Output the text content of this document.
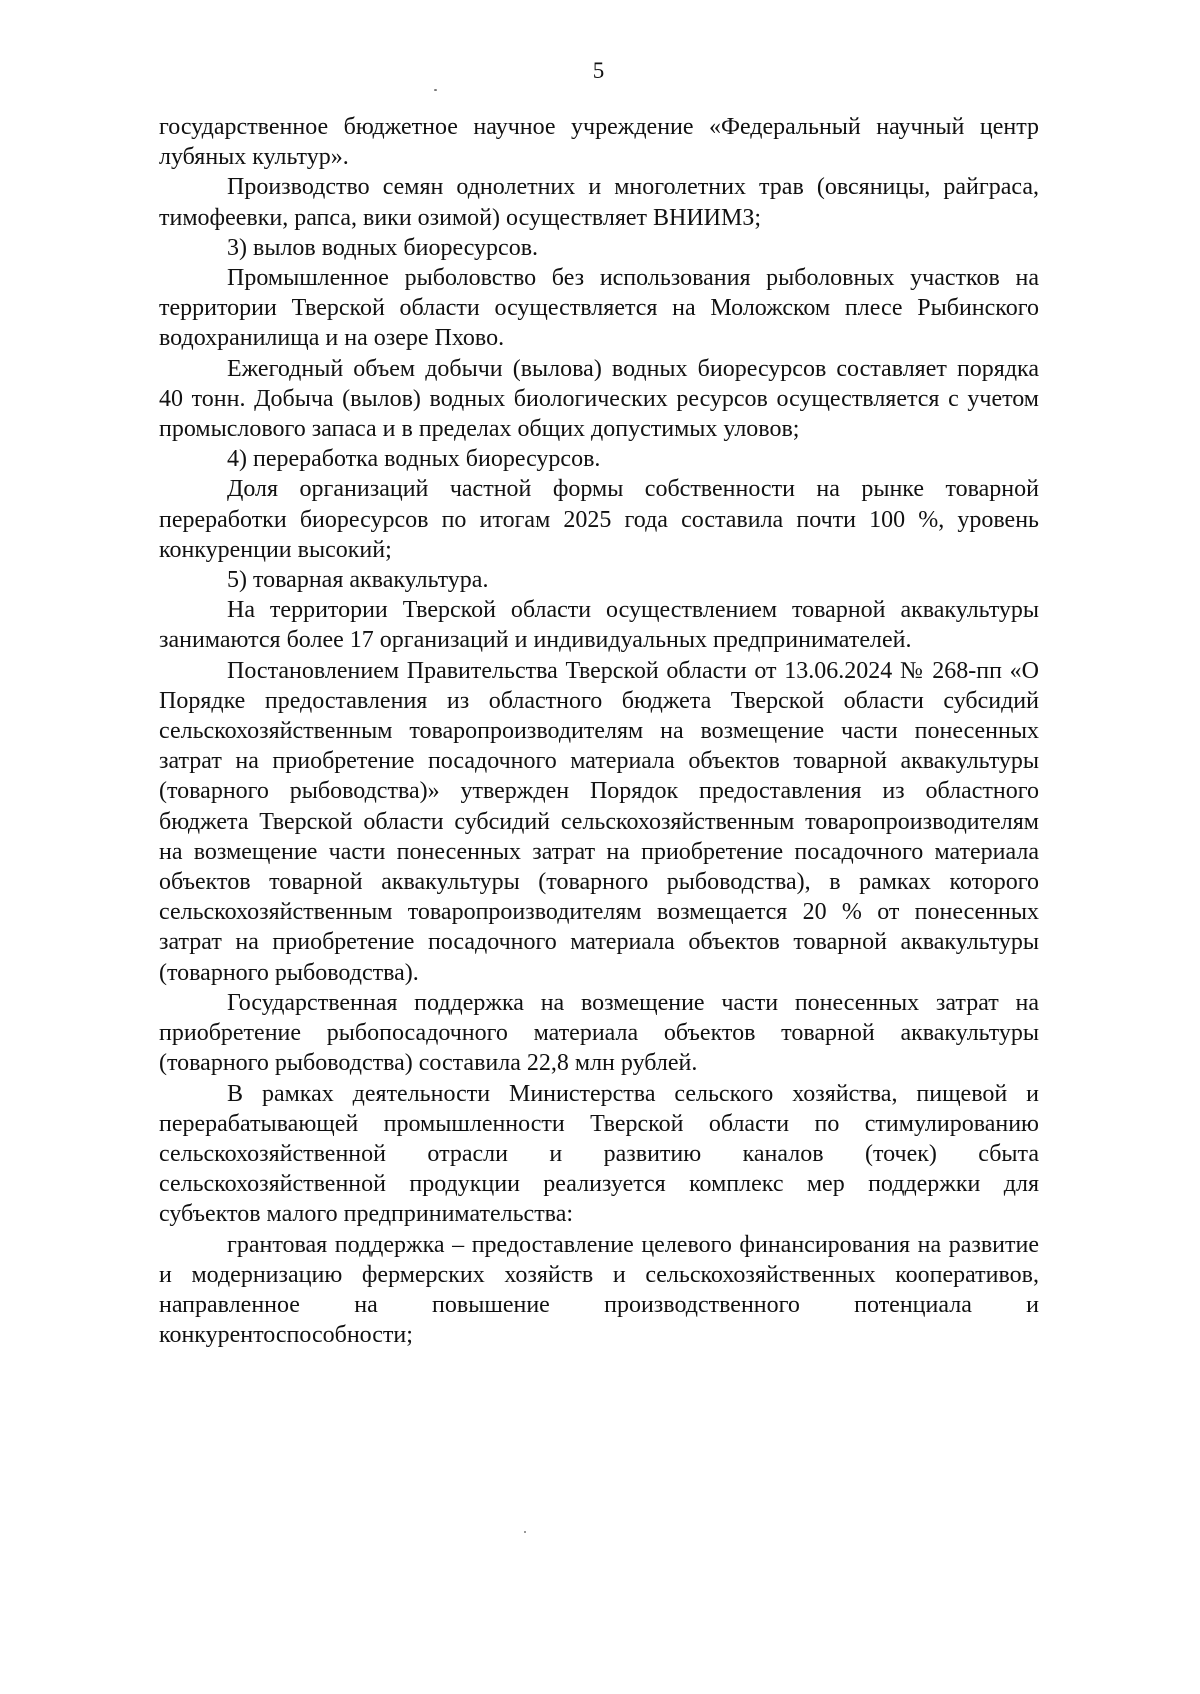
5

государственное бюджетное научное учреждение «Федеральный научный центр лубяных культур».

Производство семян однолетних и многолетних трав (овсяницы, райграса, тимофеевки, рапса, вики озимой) осуществляет ВНИИМЗ;

3) вылов водных биоресурсов.

Промышленное рыболовство без использования рыболовных участков на территории Тверской области осуществляется на Моложском плесе Рыбинского водохранилища и на озере Пхово.

Ежегодный объем добычи (вылова) водных биоресурсов составляет порядка 40 тонн. Добыча (вылов) водных биологических ресурсов осуществляется с учетом промыслового запаса и в пределах общих допустимых уловов;

4) переработка водных биоресурсов.

Доля организаций частной формы собственности на рынке товарной переработки биоресурсов по итогам 2025 года составила почти 100 %, уровень конкуренции высокий;

5) товарная аквакультура.

На территории Тверской области осуществлением товарной аквакультуры занимаются более 17 организаций и индивидуальных предпринимателей.

Постановлением Правительства Тверской области от 13.06.2024 № 268-пп «О Порядке предоставления из областного бюджета Тверской области субсидий сельскохозяйственным товаропроизводителям на возмещение части понесенных затрат на приобретение посадочного материала объектов товарной аквакультуры (товарного рыбоводства)» утвержден Порядок предоставления из областного бюджета Тверской области субсидий сельскохозяйственным товаропроизводителям на возмещение части понесенных затрат на приобретение посадочного материала объектов товарной аквакультуры (товарного рыбоводства), в рамках которого сельскохозяйственным товаропроизводителям возмещается 20 % от понесенных затрат на приобретение посадочного материала объектов товарной аквакультуры (товарного рыбоводства).

Государственная поддержка на возмещение части понесенных затрат на приобретение рыбопосадочного материала объектов товарной аквакультуры (товарного рыбоводства) составила 22,8 млн рублей.

В рамках деятельности Министерства сельского хозяйства, пищевой и перерабатывающей промышленности Тверской области по стимулированию сельскохозяйственной отрасли и развитию каналов (точек) сбыта сельскохозяйственной продукции реализуется комплекс мер поддержки для субъектов малого предпринимательства:

грантовая поддержка – предоставление целевого финансирования на развитие и модернизацию фермерских хозяйств и сельскохозяйственных кооперативов, направленное на повышение производственного потенциала и конкурентоспособности;
